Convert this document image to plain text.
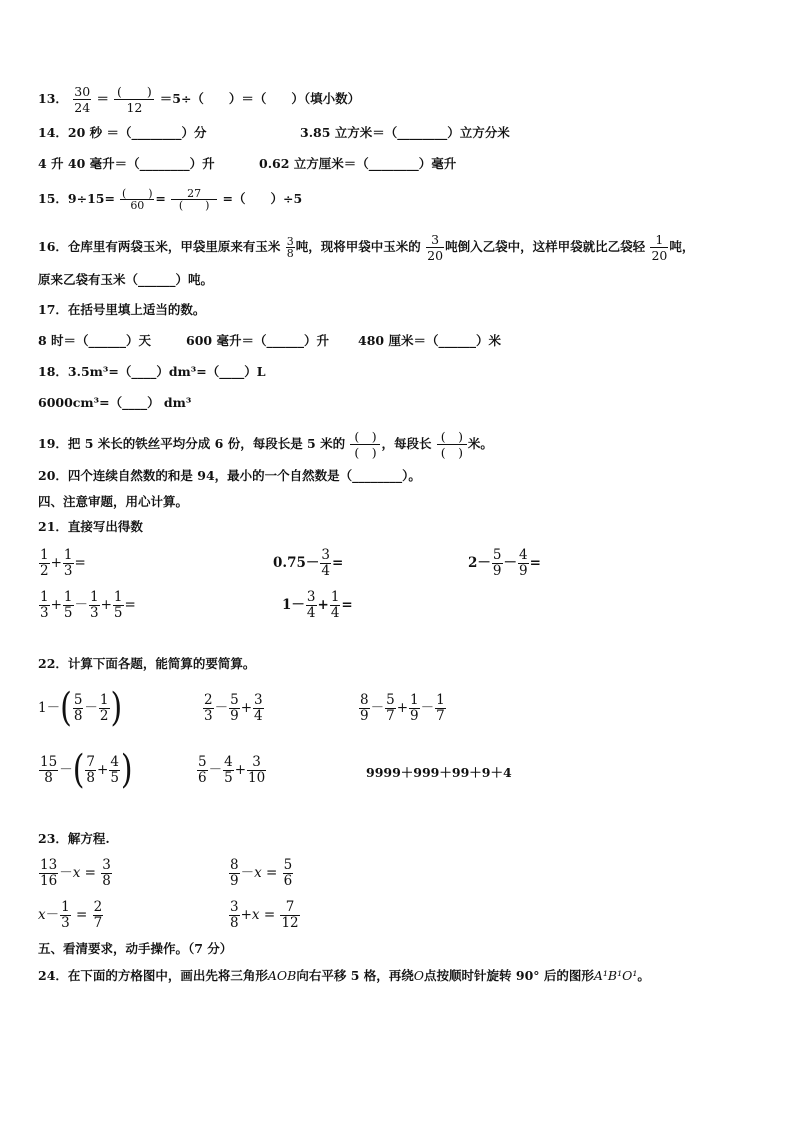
13． $\frac{30}{24} = \frac{( )}{12} =5\div$（　　）＝（　　）（填小数）
14．20 秒 ＝（________）分	3.85 立方米＝（________）立方分米
4 升 40 毫升＝（________）升	0.62 立方厘米＝（________）毫升
15．$9\div 15= \frac{( )}{60} = \frac{27}{( )}$ =（　　）÷5
16．仓库里有两袋玉米，甲袋里原来有玉米 $\frac{3}{8}$ 吨，现将甲袋中玉米的 $\frac{3}{20}$ 吨倒入乙袋中，这样甲袋就比乙袋轻 $\frac{1}{20}$ 吨，
原来乙袋有玉米（______）吨。
17．在括号里填上适当的数。
8 时＝（______）天	600 毫升＝（______）升 480 厘米＝（______）米
18．3.5m³=（____）dm³=（____）L
6000cm³=（____） dm³
19．把 5 米长的铁丝平均分成 6 份，每段长是 5 米的 $\frac{( )}{( )}$ ，每段长 $\frac{( )}{( )}$ 米。
20．四个连续自然数的和是 94，最小的一个自然数是（________）。
四、注意审题，用心计算。
21．直接写出得数
$\frac{1}{2} + \frac{1}{3}$ =	$0.75- \frac{3}{4}$ =	$2- \frac{5}{9} - \frac{4}{9}$ =
$\frac{1}{3} + \frac{1}{5} - \frac{1}{3} + \frac{1}{5}$ =	$1- \frac{3}{4} + \frac{1}{4}$ =
22．计算下面各题，能简算的要简算。
$1-( \frac{5}{8} - \frac{1}{2}$ )	$\frac{2}{3} - \frac{5}{9} + \frac{3}{4}$	$\frac{8}{9} - \frac{5}{7} + \frac{1}{9} - \frac{1}{7}$
$\frac{15}{8}$ －( $\frac{7}{8} + \frac{4}{5}$ )	$\frac{5}{6} - \frac{4}{5} + \frac{3}{10}$	9999＋999＋99＋9＋4
23．解方程.
$\frac{13}{16} -x = \frac{3}{8}$	$\frac{8}{9} -x = \frac{5}{6}$
$x- \frac{1}{3} = \frac{2}{7}$	$\frac{3}{8} +x = \frac{7}{12}$
五、看清要求，动手操作。（7 分）
24．在下面的方格图中，画出先将三角形AOB向右平移 5 格，再绕O点按顺时针旋转 90° 后的图形A¹B¹O¹。
